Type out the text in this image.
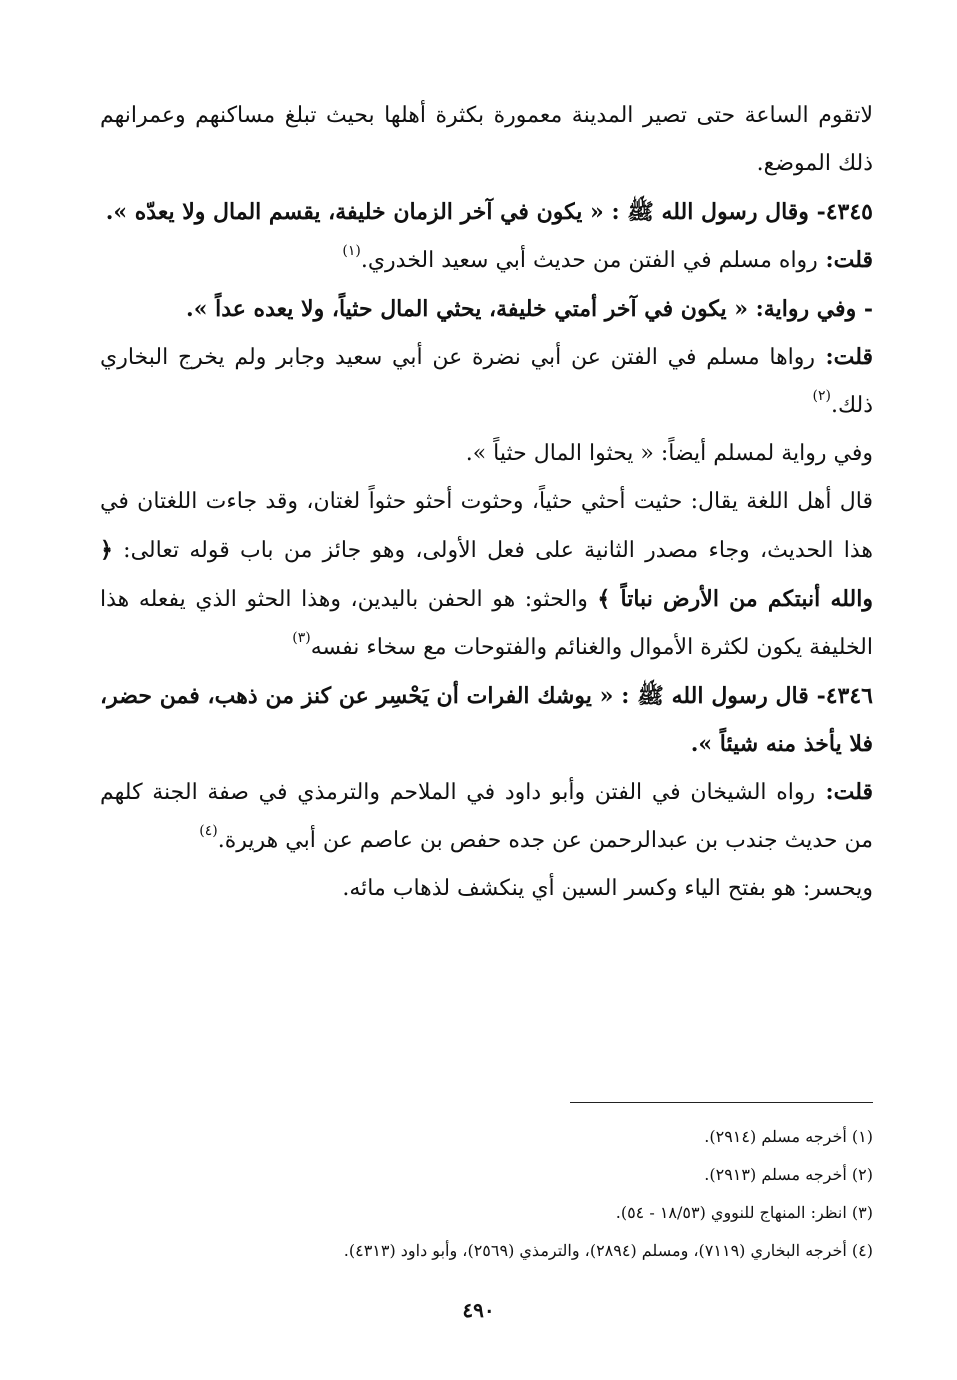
لاتقوم الساعة حتى تصير المدينة معمورة بكثرة أهلها بحيث تبلغ مساكنهم وعمرانهم ذلك الموضع.

٤٣٤٥- وقال رسول الله ﷺ : « يكون في آخر الزمان خليفة، يقسم المال ولا يعدّه ».

قلت: رواه مسلم في الفتن من حديث أبي سعيد الخدري.$^{(١)}$

- وفي رواية: « يكون في آخر أمتي خليفة، يحثي المال حثياً، ولا يعده عداً ».

قلت: رواها مسلم في الفتن عن أبي نضرة عن أبي سعيد وجابر ولم يخرج البخاري ذلك.$^{(٢)}$

وفي رواية لمسلم أيضاً: « يحثوا المال حثياً ».

قال أهل اللغة يقال: حثيت أحثي حثياً، وحثوت أحثو حثواً لغتان، وقد جاءت اللغتان في هذا الحديث، وجاء مصدر الثانية على فعل الأولى، وهو جائز من باب قوله تعالى: ﴿ والله أنبتكم من الأرض نباتاً ﴾ والحثو: هو الحفن باليدين، وهذا الحثو الذي يفعله هذا الخليفة يكون لكثرة الأموال والغنائم والفتوحات مع سخاء نفسه$^{(٣)}$

٤٣٤٦- قال رسول الله ﷺ : « يوشك الفرات أن يَحْسِر عن كنز من ذهب، فمن حضر، فلا يأخذ منه شيئاً ».

قلت: رواه الشيخان في الفتن وأبو داود في الملاحم والترمذي في صفة الجنة كلهم من حديث جندب بن عبدالرحمن عن جده حفص بن عاصم عن أبي هريرة.$^{(٤)}$

ويحسر: هو بفتح الياء وكسر السين أي ينكشف لذهاب مائه.

(١) أخرجه مسلم (٢٩١٤).

(٢) أخرجه مسلم (٢٩١٣).

(٣) انظر: المنهاج للنووي (١٨/٥٣ - ٥٤).

(٤) أخرجه البخاري (٧١١٩)، ومسلم (٢٨٩٤)، والترمذي (٢٥٦٩)، وأبو داود (٤٣١٣).

٤٩٠
